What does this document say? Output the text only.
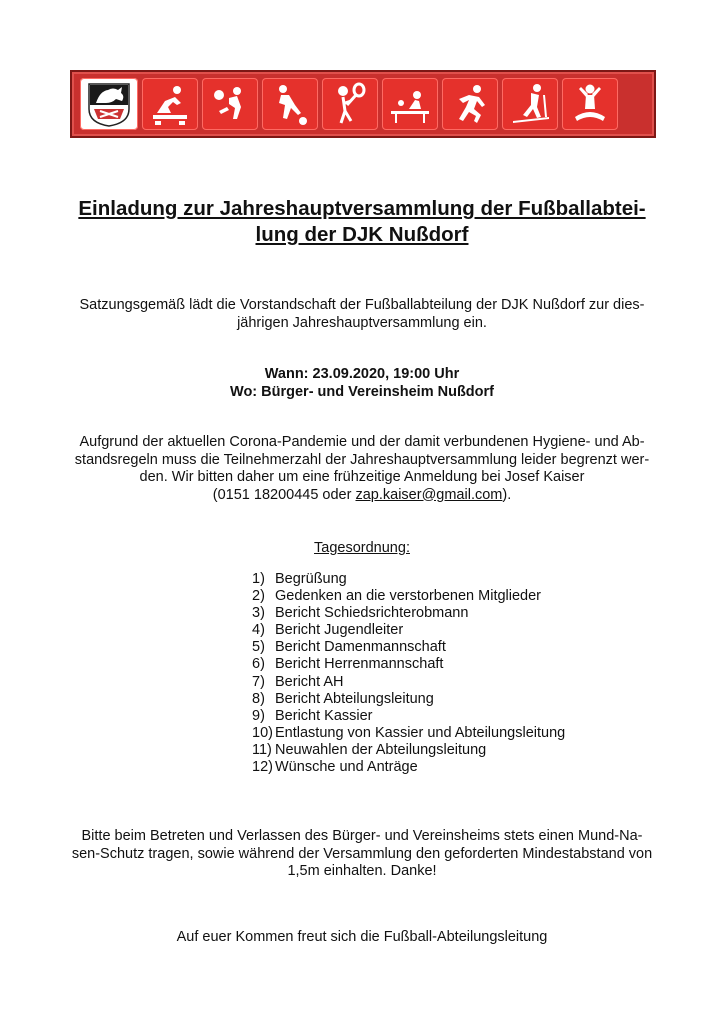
Einladung zur Jahreshauptversammlung der Fußballabtei-
lung der DJK Nußdorf
Satzungsgemäß lädt die Vorstandschaft der Fußballabteilung der DJK Nußdorf zur dies-
jährigen Jahreshauptversammlung ein.
Wann: 23.09.2020, 19:00 Uhr
Wo: Bürger- und Vereinsheim Nußdorf
Aufgrund der aktuellen Corona-Pandemie und der damit verbundenen Hygiene- und Ab-
standsregeln muss die Teilnehmerzahl der Jahreshauptversammlung leider begrenzt wer-
den. Wir bitten daher um eine frühzeitige Anmeldung bei Josef Kaiser
(0151 18200445 oder zap.kaiser@gmail.com).
Tagesordnung:
1) Begrüßung
2) Gedenken an die verstorbenen Mitglieder
3) Bericht Schiedsrichterobmann
4) Bericht Jugendleiter
5) Bericht Damenmannschaft
6) Bericht Herrenmannschaft
7) Bericht AH
8) Bericht Abteilungsleitung
9) Bericht Kassier
10) Entlastung von Kassier und Abteilungsleitung
11) Neuwahlen der Abteilungsleitung
12) Wünsche und Anträge
Bitte beim Betreten und Verlassen des Bürger- und Vereinsheims stets einen Mund-Na-
sen-Schutz tragen, sowie während der Versammlung den geforderten Mindestabstand von
1,5m einhalten. Danke!
Auf euer Kommen freut sich die Fußball-Abteilungsleitung
